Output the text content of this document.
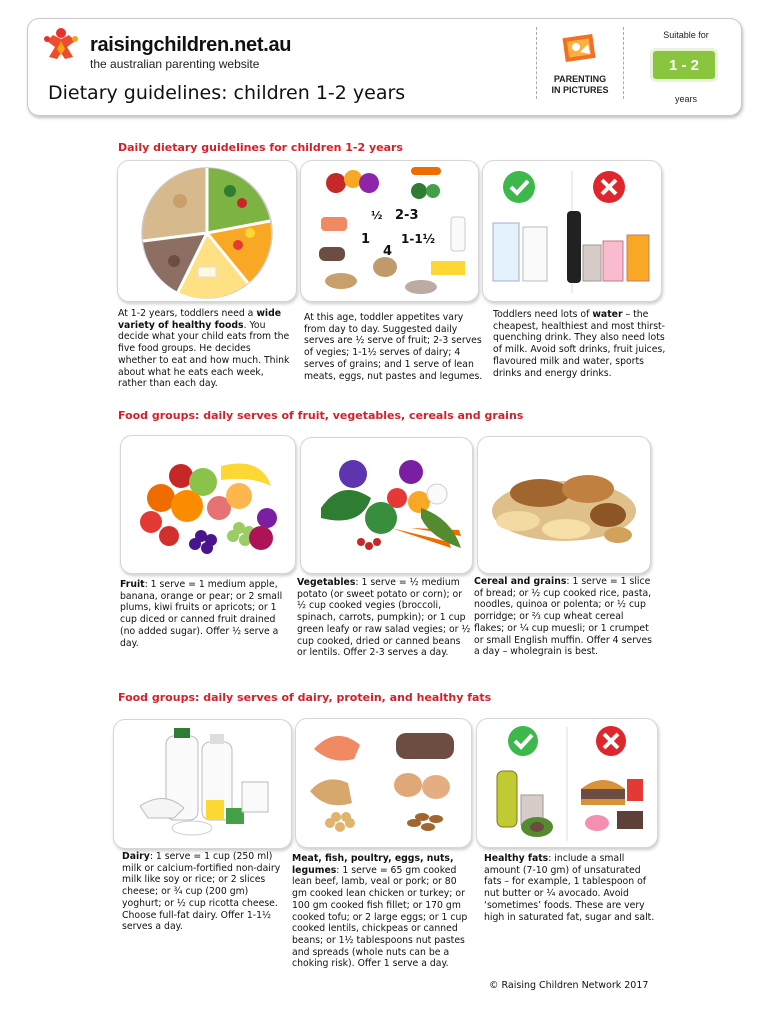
raisingchildren.net.au
the australian parenting website
Dietary guidelines: children 1-2 years
PARENTING
IN PICTURES
Suitable for
1 - 2
years
Daily dietary guidelines for children 1-2 years
½ 2-3
1	1-1½
4
At 1-2 years, toddlers need a wide variety of healthy foods. You decide what your child eats from the five food groups. He decides whether to eat and how much. Think about what he eats each week, rather than each day.
At this age, toddler appetites vary from day to day. Suggested daily serves are ½ serve of fruit; 2-3 serves of vegies; 1-1½ serves of dairy; 4 serves of grains; and 1 serve of lean meats, eggs, nut pastes and legumes.
Toddlers need lots of water – the cheapest, healthiest and most thirst-quenching drink. They also need lots of milk. Avoid soft drinks, fruit juices, flavoured milk and water, sports drinks and energy drinks.
Food groups: daily serves of fruit, vegetables, cereals and grains
Fruit: 1 serve = 1 medium apple, banana, orange or pear; or 2 small plums, kiwi fruits or apricots; or 1 cup diced or canned fruit drained (no added sugar). Offer ½ serve a day.
Vegetables: 1 serve = ½ medium potato (or sweet potato or corn); or ½ cup cooked vegies (broccoli, spinach, carrots, pumpkin); or 1 cup green leafy or raw salad vegies; or ½ cup cooked, dried or canned beans or lentils. Offer 2-3 serves a day.
Cereal and grains: 1 serve = 1 slice of bread; or ½ cup cooked rice, pasta, noodles, quinoa or polenta; or ½ cup porridge; or ⅔ cup wheat cereal flakes; or ¼ cup muesli; or 1 crumpet or small English muffin. Offer 4 serves a day – wholegrain is best.
Food groups: daily serves of dairy, protein, and healthy fats
Dairy: 1 serve = 1 cup (250 ml) milk or calcium-fortified non-dairy milk like soy or rice; or 2 slices cheese; or ¾ cup (200 gm) yoghurt; or ½ cup ricotta cheese. Choose full-fat dairy. Offer 1-1½ serves a day.
Meat, fish, poultry, eggs, nuts, legumes: 1 serve = 65 gm cooked lean beef, lamb, veal or pork; or 80 gm cooked lean chicken or turkey; or 100 gm cooked fish fillet; or 170 gm cooked tofu; or 2 large eggs; or 1 cup cooked lentils, chickpeas or canned beans; or 1½ tablespoons nut pastes and spreads (whole nuts can be a choking risk). Offer 1 serve a day.
Healthy fats: include a small amount (7-10 gm) of unsaturated fats – for example, 1 tablespoon of nut butter or ¼ avocado. Avoid ‘sometimes’ foods. These are very high in saturated fat, sugar and salt.
© Raising Children Network 2017
